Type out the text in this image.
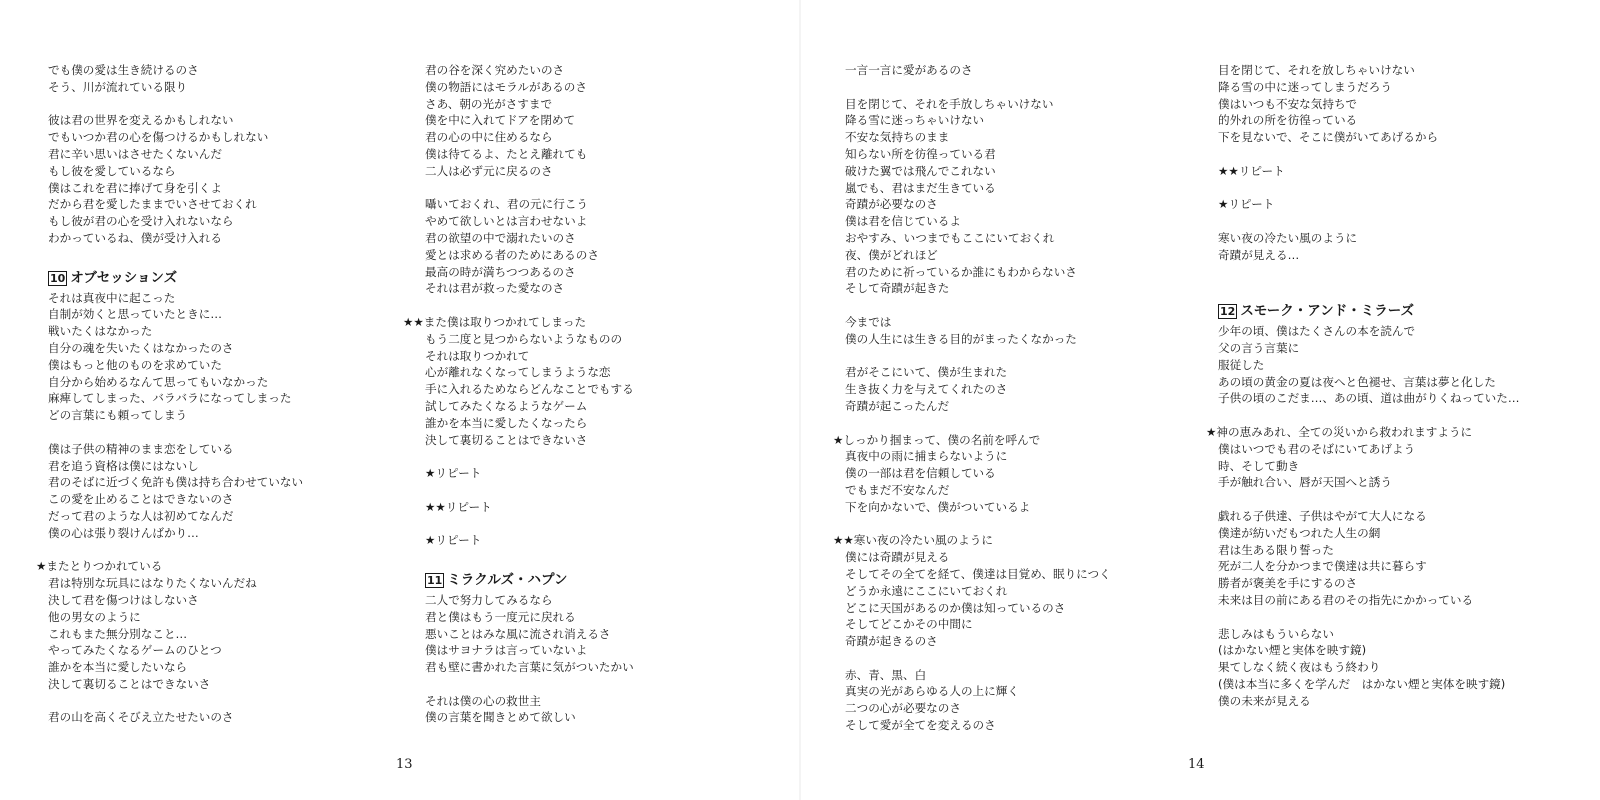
でも僕の愛は生き続けるのさ
そう、川が流れている限り
彼は君の世界を変えるかもしれない
でもいつか君の心を傷つけるかもしれない
君に辛い思いはさせたくないんだ
もし彼を愛しているなら
僕はこれを君に捧げて身を引くよ
だから君を愛したままでいさせておくれ
もし彼が君の心を受け入れないなら
わかっているね、僕が受け入れる
10 オブセッションズ
それは真夜中に起こった
自制が効くと思っていたときに…
戦いたくはなかった
自分の魂を失いたくはなかったのさ
僕はもっと他のものを求めていた
自分から始めるなんて思ってもいなかった
麻痺してしまった、バラバラになってしまった
どの言葉にも頼ってしまう
僕は子供の精神のまま恋をしている
君を追う資格は僕にはないし
君のそばに近づく免許も僕は持ち合わせていない
この愛を止めることはできないのさ
だって君のような人は初めてなんだ
僕の心は張り裂けんばかり…
★またとりつかれている
君は特別な玩具にはなりたくないんだね
決して君を傷つけはしないさ
他の男女のように
これもまた無分別なこと…
やってみたくなるゲームのひとつ
誰かを本当に愛したいなら
決して裏切ることはできないさ
君の山を高くそびえ立たせたいのさ
君の谷を深く究めたいのさ
僕の物語にはモラルがあるのさ
さあ、朝の光がさすまで
僕を中に入れてドアを閉めて
君の心の中に住めるなら
僕は待てるよ、たとえ離れても
二人は必ず元に戻るのさ
囁いておくれ、君の元に行こう
やめて欲しいとは言わせないよ
君の欲望の中で溺れたいのさ
愛とは求める者のためにあるのさ
最高の時が満ちつつあるのさ
それは君が救った愛なのさ
★★また僕は取りつかれてしまった
もう二度と見つからないようなものの
それは取りつかれて
心が離れなくなってしまうような恋
手に入れるためならどんなことでもする
試してみたくなるようなゲーム
誰かを本当に愛したくなったら
決して裏切ることはできないさ
★リピート
★★リピート
★リピート
11 ミラクルズ・ハプン
二人で努力してみるなら
君と僕はもう一度元に戻れる
悪いことはみな風に流され消えるさ
僕はサヨナラは言っていないよ
君も壁に書かれた言葉に気がついたかい
それは僕の心の救世主
僕の言葉を聞きとめて欲しい
一言一言に愛があるのさ
目を閉じて、それを手放しちゃいけない
降る雪に迷っちゃいけない
不安な気持ちのまま
知らない所を彷徨っている君
破けた翼では飛んでこれない
嵐でも、君はまだ生きている
奇蹟が必要なのさ
僕は君を信じているよ
おやすみ、いつまでもここにいておくれ
夜、僕がどれほど
君のために祈っているか誰にもわからないさ
そして奇蹟が起きた
今までは
僕の人生には生きる目的がまったくなかった
君がそこにいて、僕が生まれた
生き抜く力を与えてくれたのさ
奇蹟が起こったんだ
★しっかり掴まって、僕の名前を呼んで
真夜中の雨に捕まらないように
僕の一部は君を信頼している
でもまだ不安なんだ
下を向かないで、僕がついているよ
★★寒い夜の冷たい風のように
僕には奇蹟が見える
そしてその全てを経て、僕達は目覚め、眠りにつく
どうか永遠にここにいておくれ
どこに天国があるのか僕は知っているのさ
そしてどこかその中間に
奇蹟が起きるのさ
赤、青、黒、白
真実の光があらゆる人の上に輝く
二つの心が必要なのさ
そして愛が全てを変えるのさ
目を閉じて、それを放しちゃいけない
降る雪の中に迷ってしまうだろう
僕はいつも不安な気持ちで
的外れの所を彷徨っている
下を見ないで、そこに僕がいてあげるから
★★リピート
★リピート
寒い夜の冷たい風のように
奇蹟が見える…
12 スモーク・アンド・ミラーズ
少年の頃、僕はたくさんの本を読んで
父の言う言葉に
服従した
あの頃の黄金の夏は夜へと色褪せ、言葉は夢と化した
子供の頃のこだま…、あの頃、道は曲がりくねっていた…
★神の恵みあれ、全ての災いから救われますように
僕はいつでも君のそばにいてあげよう
時、そして動き
手が触れ合い、唇が天国へと誘う
戯れる子供達、子供はやがて大人になる
僕達が紡いだもつれた人生の網
君は生ある限り誓った
死が二人を分かつまで僕達は共に暮らす
勝者が褒美を手にするのさ
未来は目の前にある君のその指先にかかっている
悲しみはもういらない
(はかない煙と実体を映す鏡)
果てしなく続く夜はもう終わり
(僕は本当に多くを学んだ　はかない煙と実体を映す鏡)
僕の未来が見える
13	14
